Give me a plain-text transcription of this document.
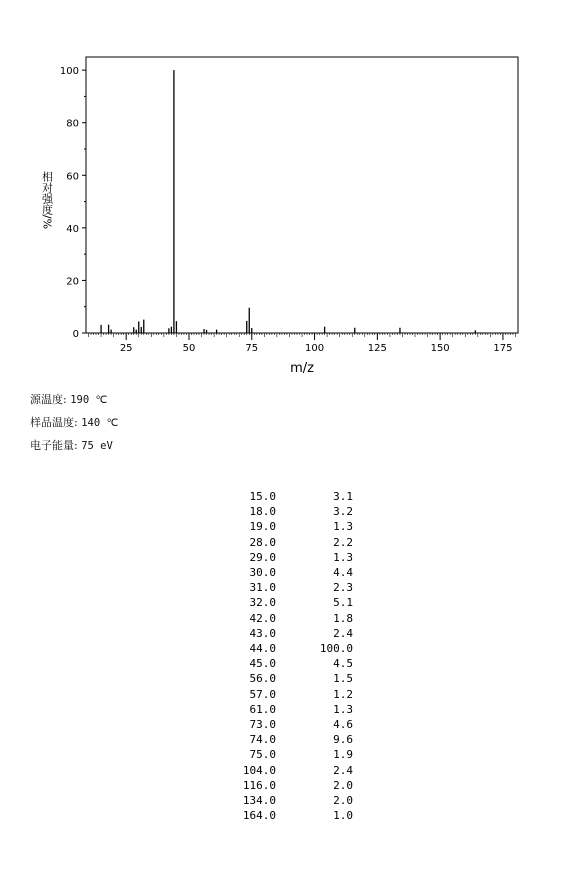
0
20
40
60
80
100
25	50	75	100	125	150	175
m/z
相对强度/%
源温度: 190 ℃
样品温度: 140 ℃
电子能量: 75 eV
15.0	3.1
18.0	3.2
19.0	1.3
28.0	2.2
29.0	1.3
30.0	4.4
31.0	2.3
32.0	5.1
42.0	1.8
43.0	2.4
44.0	100.0
45.0	4.5
56.0	1.5
57.0	1.2
61.0	1.3
73.0	4.6
74.0	9.6
75.0	1.9
104.0	2.4
116.0	2.0
134.0	2.0
164.0	1.0
